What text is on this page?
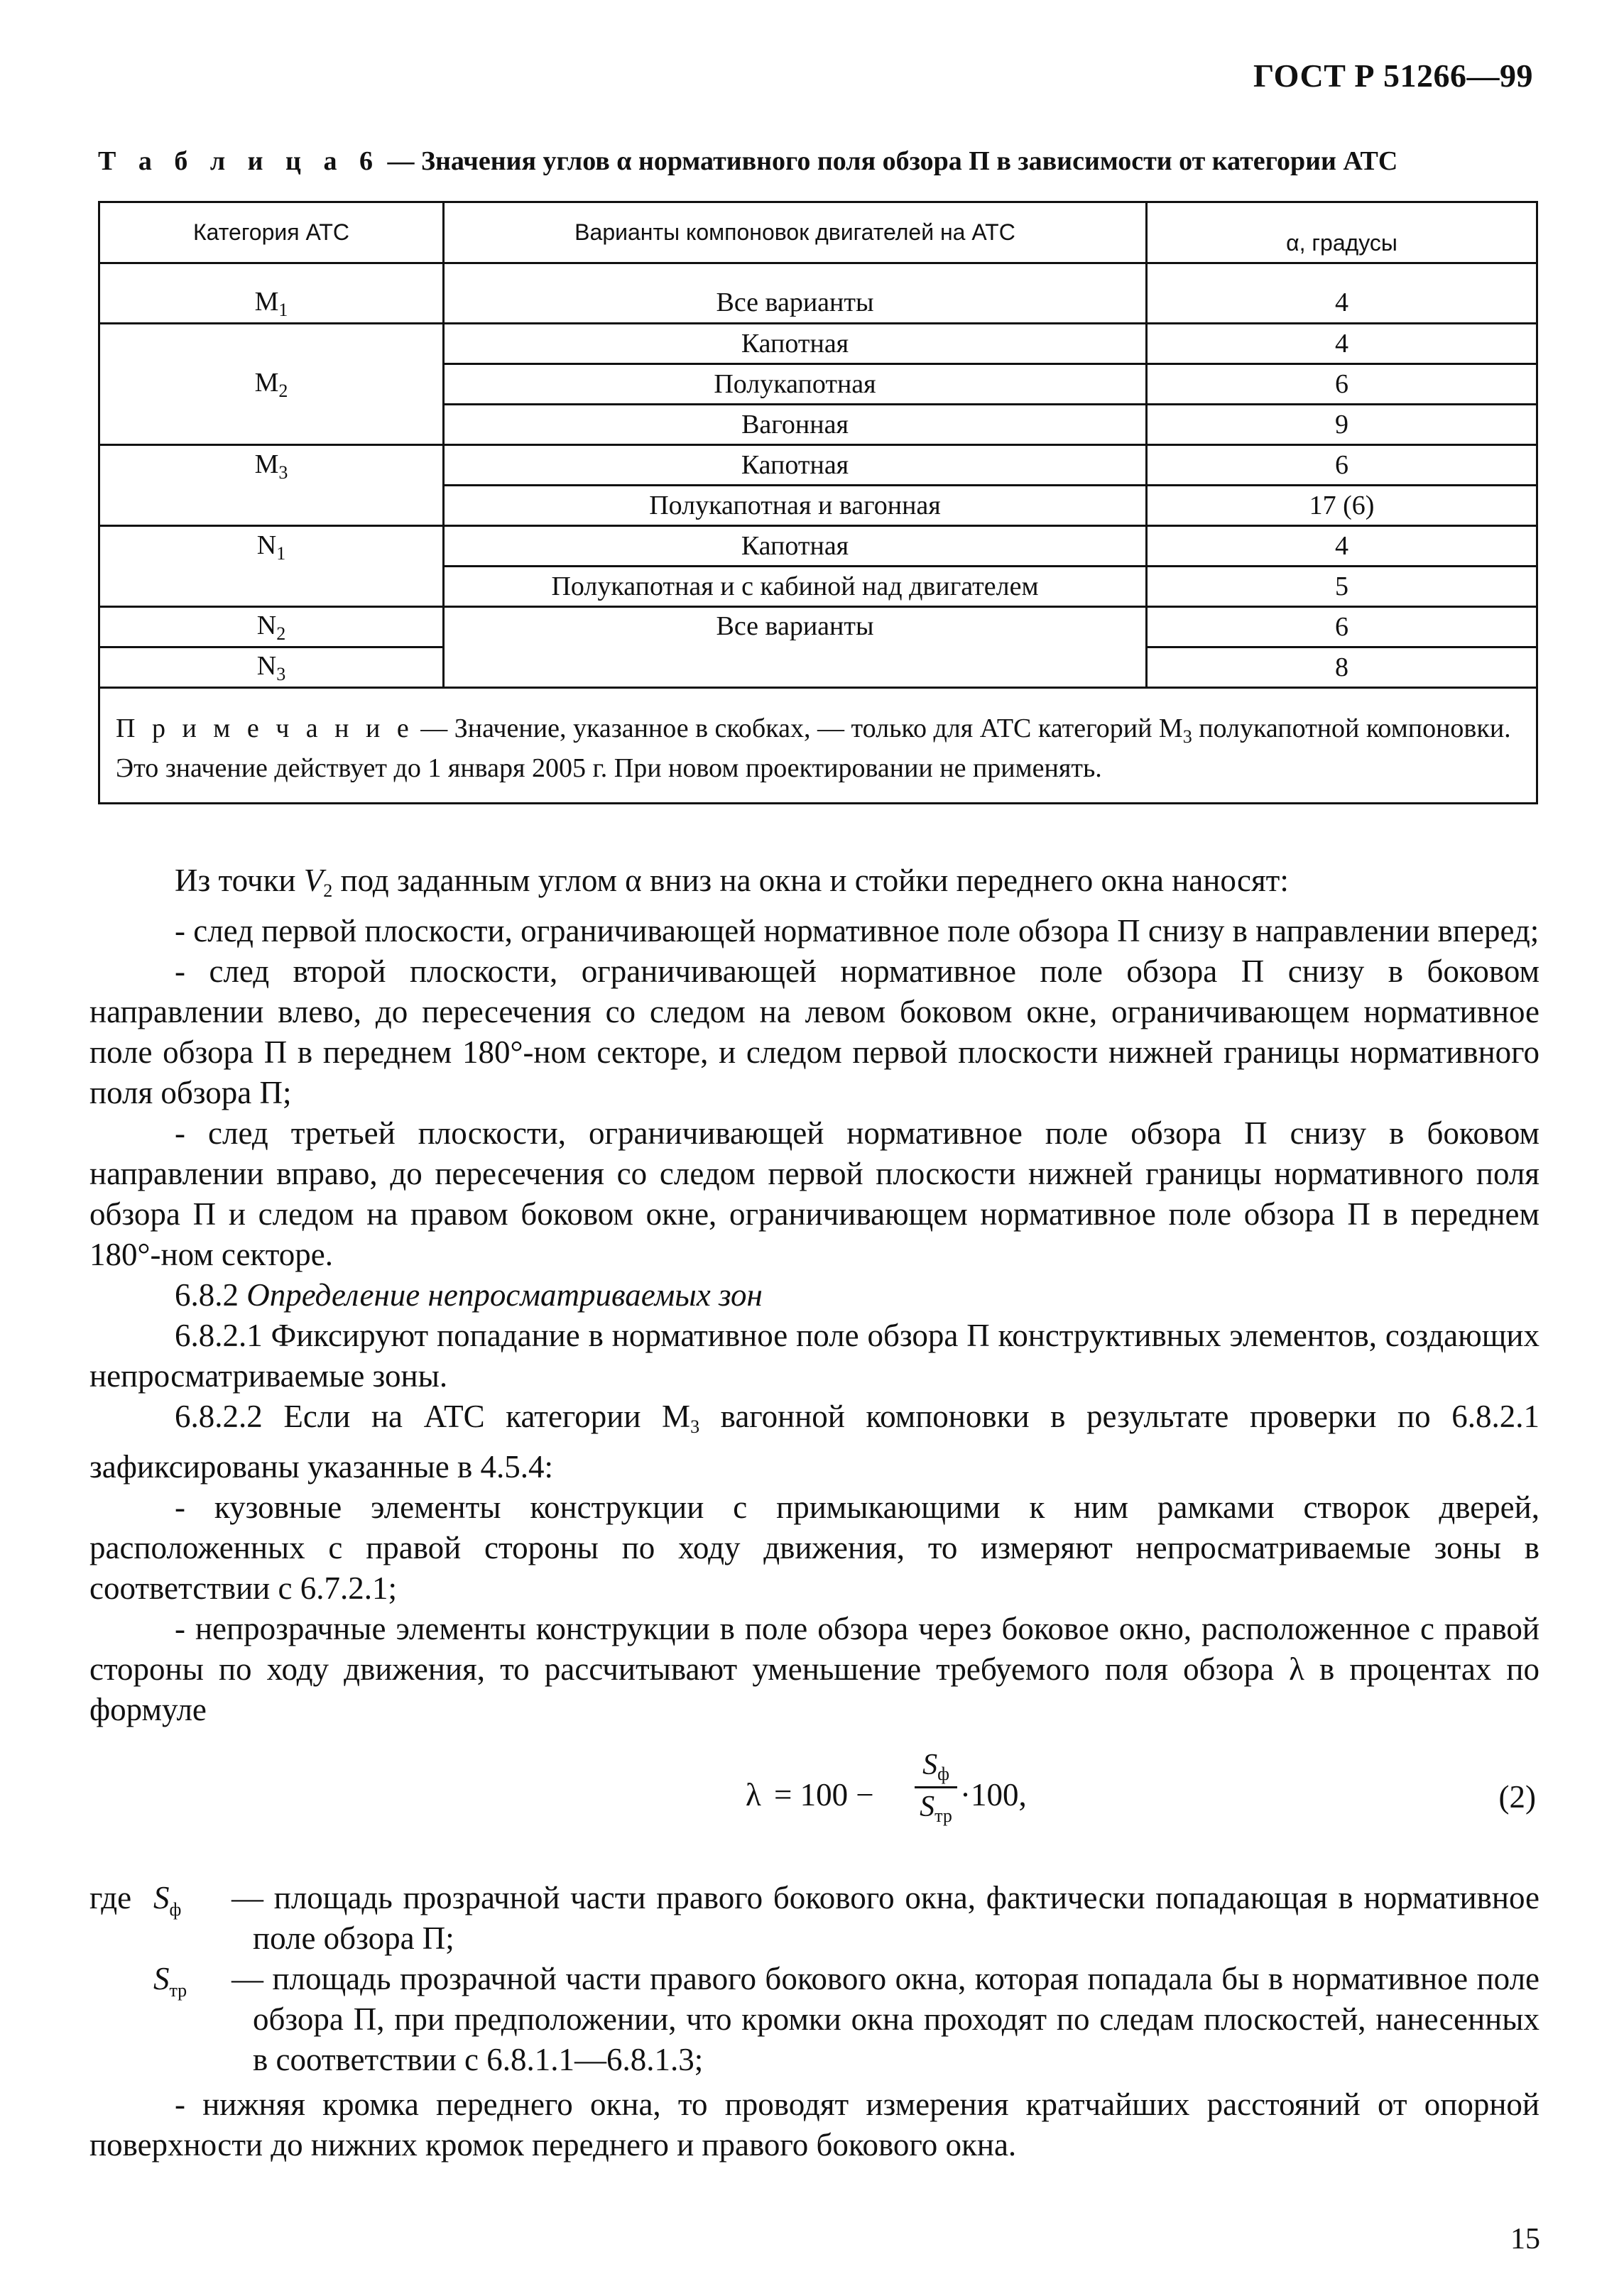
ГОСТ Р 51266—99
Т а б л и ц а 6 — Значения углов α нормативного поля обзора П в зависимости от категории АТС
Категория АТС	Варианты компоновок двигателей на АТС	α, градусы

$M_1$	Все варианты	4
$M_2$	Капотная	4
	Полукапотная	6
	Вагонная	9
$M_3$	Капотная	6
	Полукапотная и вагонная	17 (6)
$N_1$	Капотная	4
	Полукапотная и с кабиной над двигателем	5
$N_2$	Все варианты	6
$N_3$		8
П р и м е ч а н и е — Значение, указанное в скобках, — только для АТС категорий $M_3$ полукапотной компоновки. Это значение действует до 1 января 2005 г. При новом проектировании не применять.		

Из точки $V_2$ под заданным углом α вниз на окна и стойки переднего окна наносят:

- след первой плоскости, ограничивающей нормативное поле обзора П снизу в направлении вперед;

- след второй плоскости, ограничивающей нормативное поле обзора П снизу в боковом направлении влево, до пересечения со следом на левом боковом окне, ограничивающем нормативное поле обзора П в переднем 180°-ном секторе, и следом первой плоскости нижней границы нормативного поля обзора П;

- след третьей плоскости, ограничивающей нормативное поле обзора П снизу в боковом направлении вправо, до пересечения со следом первой плоскости нижней границы нормативного поля обзора П и следом на правом боковом окне, ограничивающем нормативное поле обзора П в переднем 180°-ном секторе.

6.8.2 Определение непросматриваемых зон

6.8.2.1 Фиксируют попадание в нормативное поле обзора П конструктивных элементов, создающих непросматриваемые зоны.

6.8.2.2 Если на АТС категории $M_3$ вагонной компоновки в результате проверки по 6.8.2.1 зафиксированы указанные в 4.5.4:

- кузовные элементы конструкции с примыкающими к ним рамками створок дверей, расположенных с правой стороны по ходу движения, то измеряют непросматриваемые зоны в соответствии с 6.7.2.1;

- непрозрачные элементы конструкции в поле обзора через боковое окно, расположенное с правой стороны по ходу движения, то рассчитывают уменьшение требуемого поля обзора λ в процентах по формуле

λ = 100 −
Sф
Sтр
·100,	(2)
где $S_ф$ — площадь прозрачной части правого бокового окна, фактически попадающая в нормативное поле обзора П;
$S_{тр}$ — площадь прозрачной части правого бокового окна, которая попадала бы в нормативное поле обзора П, при предположении, что кромки окна проходят по следам плоскостей, нанесенных в соответствии с 6.8.1.1—6.8.1.3;
- нижняя кромка переднего окна, то проводят измерения кратчайших расстояний от опорной поверхности до нижних кромок переднего и правого бокового окна.
15
